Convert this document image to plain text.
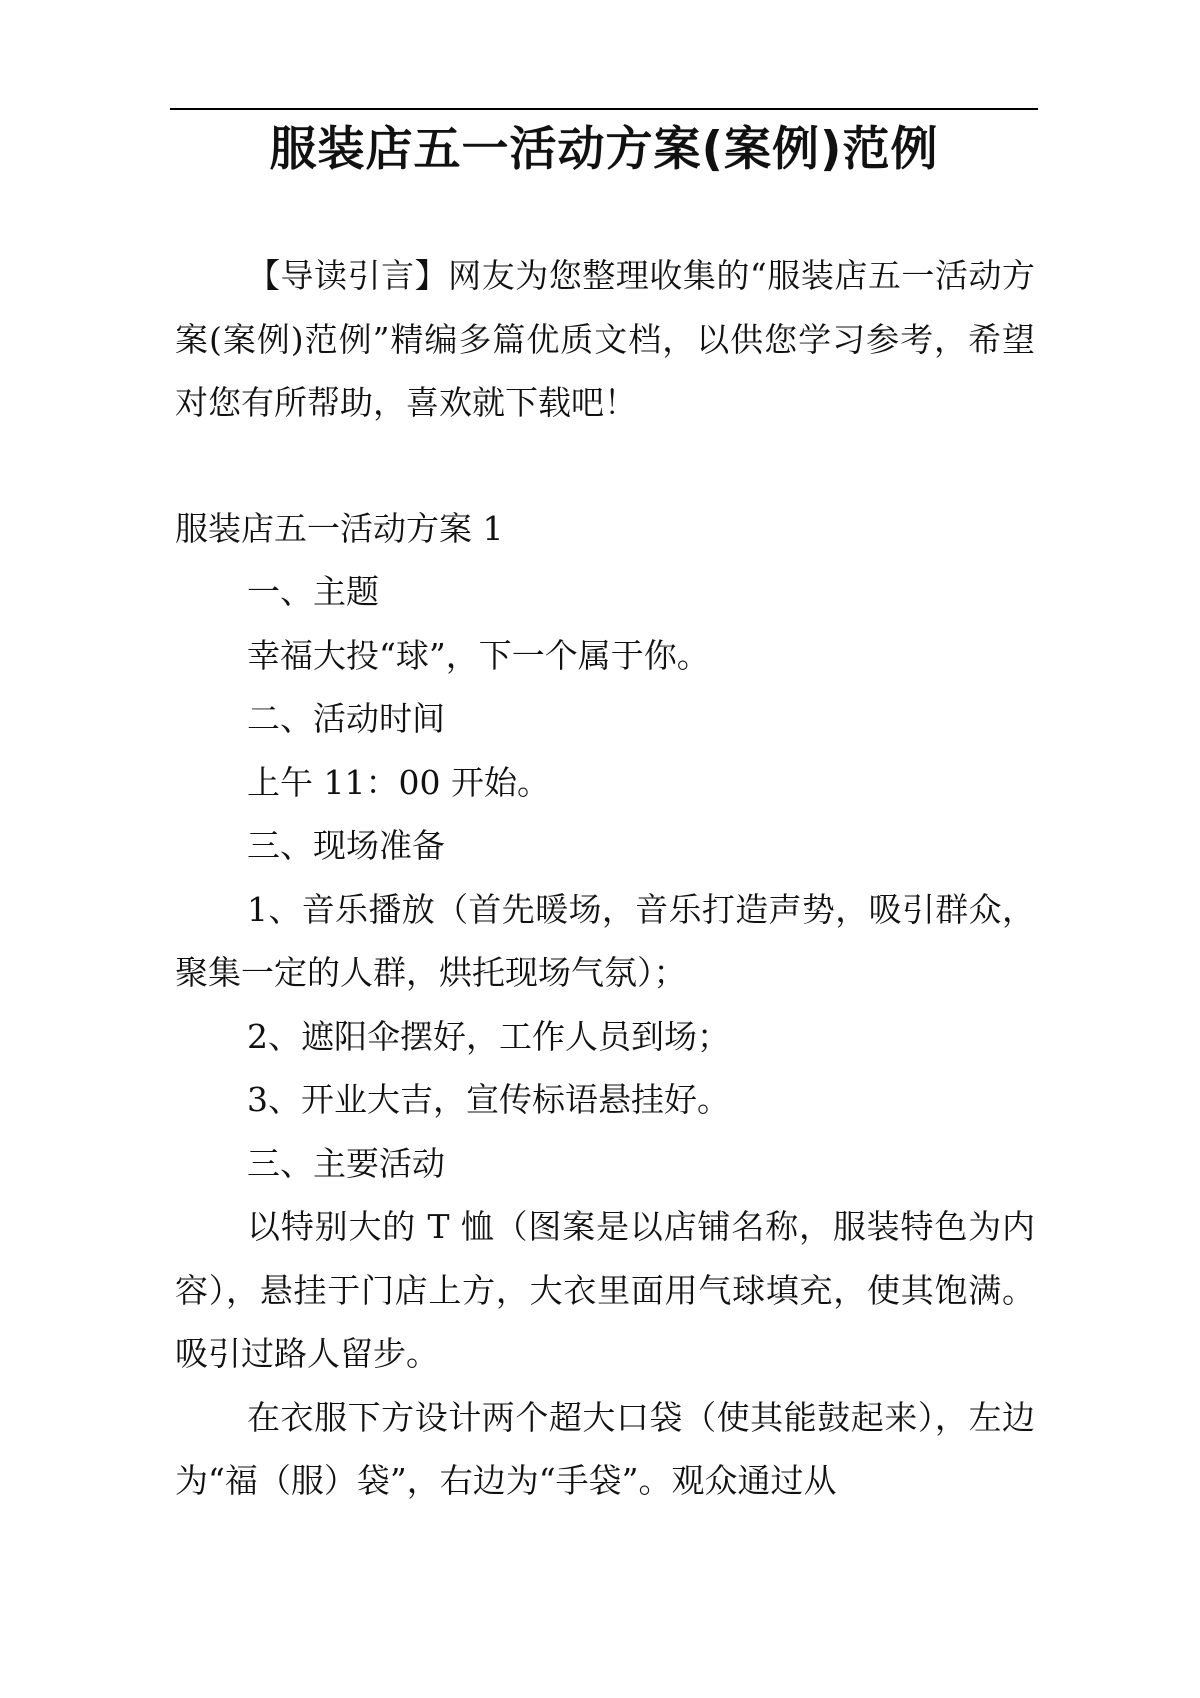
服装店五一活动方案(案例)范例

【导读引言】网友为您整理收集的“服装店五一活动方案(案例)范例”精编多篇优质文档，以供您学习参考，希望对您有所帮助，喜欢就下载吧！

服装店五一活动方案 1

一、主题

幸福大投“球”，下一个属于你。

二、活动时间

上午 11：00 开始。

三、现场准备

1、音乐播放（首先暖场，音乐打造声势，吸引群众，聚集一定的人群，烘托现场气氛）；

2、遮阳伞摆好，工作人员到场；

3、开业大吉，宣传标语悬挂好。

三、主要活动

以特别大的 T 恤（图案是以店铺名称，服装特色为内容），悬挂于门店上方，大衣里面用气球填充，使其饱满。吸引过路人留步。

在衣服下方设计两个超大口袋（使其能鼓起来），左边为“福（服）袋”，右边为“手袋”。观众通过从
